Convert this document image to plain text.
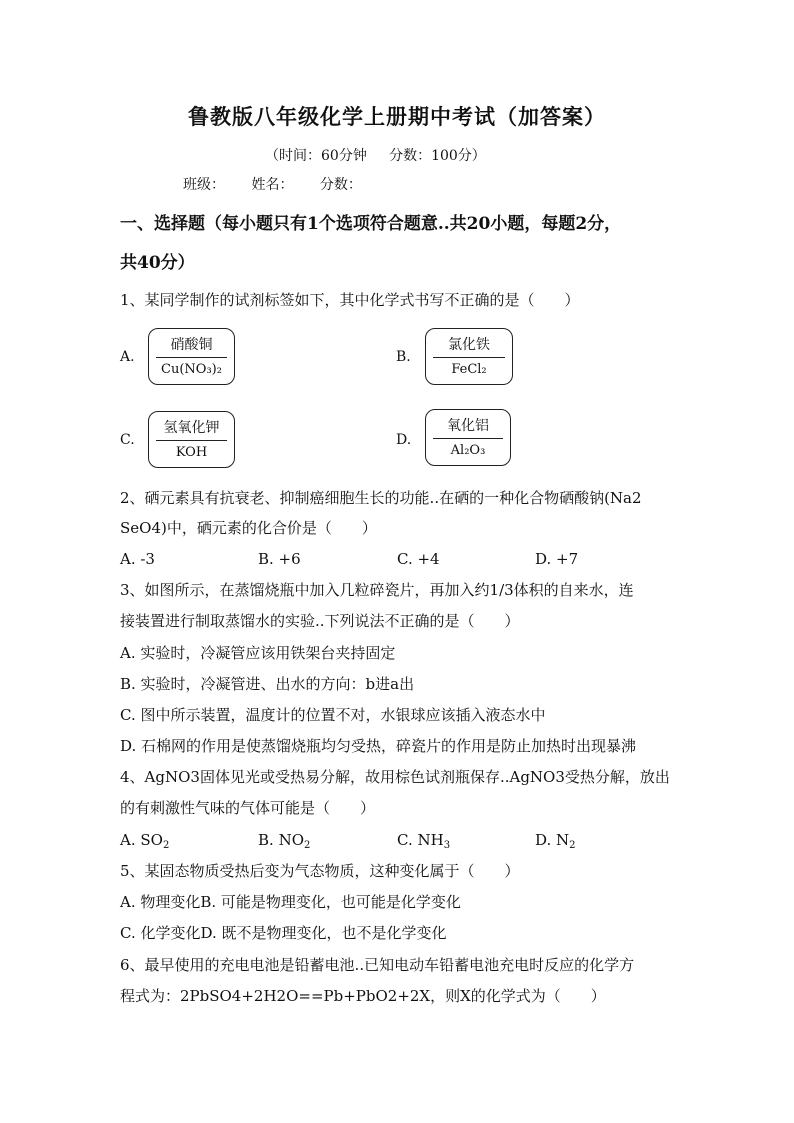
鲁教版八年级化学上册期中考试（加答案）
（时间：60分钟     分数：100分）
班级： 姓名： 分数：
一、选择题（每小题只有1个选项符合题意..共20小题，每题2分，
共40分）
1、某同学制作的试剂标签如下，其中化学式书写不正确的是（　　）
A.
硝酸铜
Cu(NO₃)₂
B.
氯化铁
FeCl₂
C.
氢氧化钾
KOH
D.
氧化铝
Al₂O₃
2、硒元素具有抗衰老、抑制癌细胞生长的功能..在硒的一种化合物硒酸钠(Na2
SeO4)中，硒元素的化合价是（　　）
A. -3	B. +6	C. +4	D. +7
3、如图所示，在蒸馏烧瓶中加入几粒碎瓷片，再加入约1/3体积的自来水，连
接装置进行制取蒸馏水的实验..下列说法不正确的是（　　）
A. 实验时，冷凝管应该用铁架台夹持固定
B. 实验时，冷凝管进、出水的方向：b进a出
C. 图中所示装置，温度计的位置不对，水银球应该插入液态水中
D. 石棉网的作用是使蒸馏烧瓶均匀受热，碎瓷片的作用是防止加热时出现暴沸
4、AgNO3固体见光或受热易分解，故用棕色试剂瓶保存..AgNO3受热分解，放出
的有刺激性气味的气体可能是（　　）
A. $SO_2$	B. $NO_2$	C. $NH_3$	D. $N_2$
5、某固态物质受热后变为气态物质，这种变化属于（　　）
A. 物理变化B. 可能是物理变化，也可能是化学变化
C. 化学变化D. 既不是物理变化，也不是化学变化
6、最早使用的充电电池是铅蓄电池..已知电动车铅蓄电池充电时反应的化学方
程式为：2PbSO4+2H2O==Pb+PbO2+2X，则X的化学式为（　　）
